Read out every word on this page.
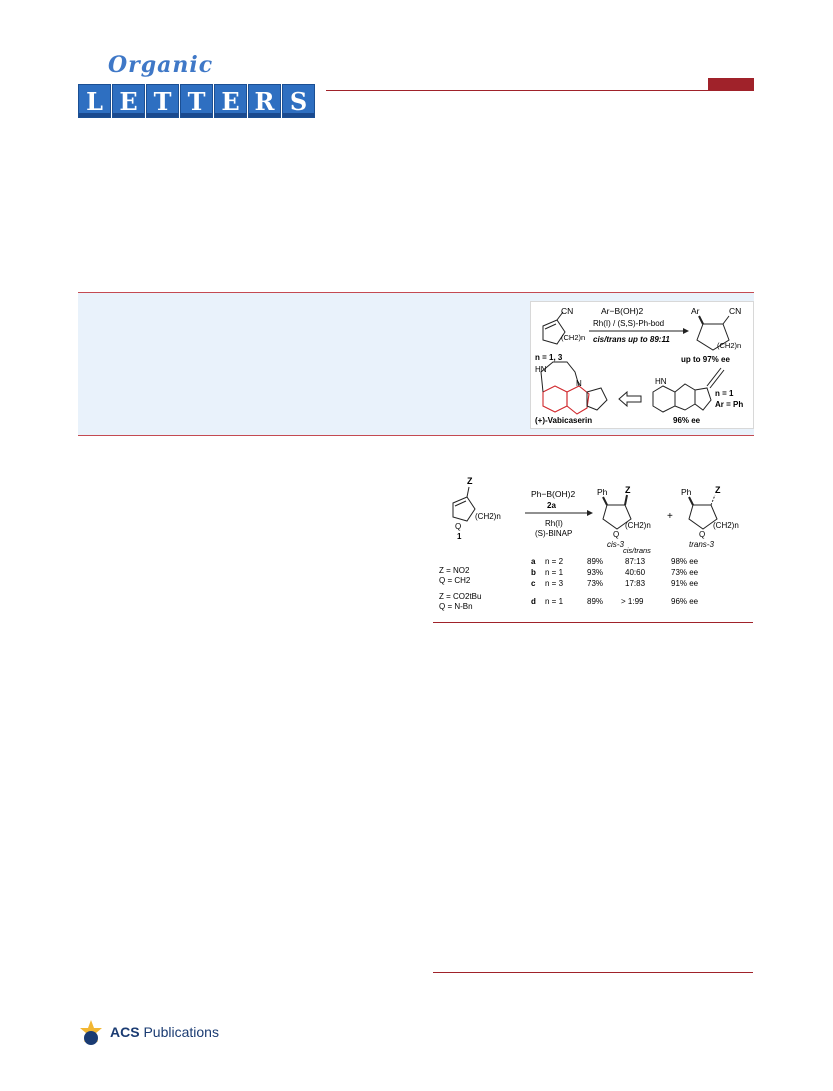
Organic
L E T T E R S
CN
(CH2)n
n = 1, 3
Ar−B(OH)2
Rh(I) / (S,S)-Ph-bod
cis/trans up to 89:11
Ar	CN
(CH2)n
up to 97% ee
HN
N
(+)-Vabicaserin
HN
n = 1
Ar = Ph
96% ee
Z
(CH2)n
Q
1
Ph−B(OH)2
2a
Rh(I)
(S)-BINAP
Ph Z
(CH2)n
Q
cis-3
+
Ph	Z
(CH2)n
Q
trans-3
cis/trans
Z = NO2
Q = CH2
Z = CO2tBu
Q = N-Bn
a n = 2	89%	87:13	98% ee
b n = 1	93%	40:60	73% ee
c n = 3	73%	17:83	91% ee
d n = 1	89% > 1:99	96% ee
ACS Publications
